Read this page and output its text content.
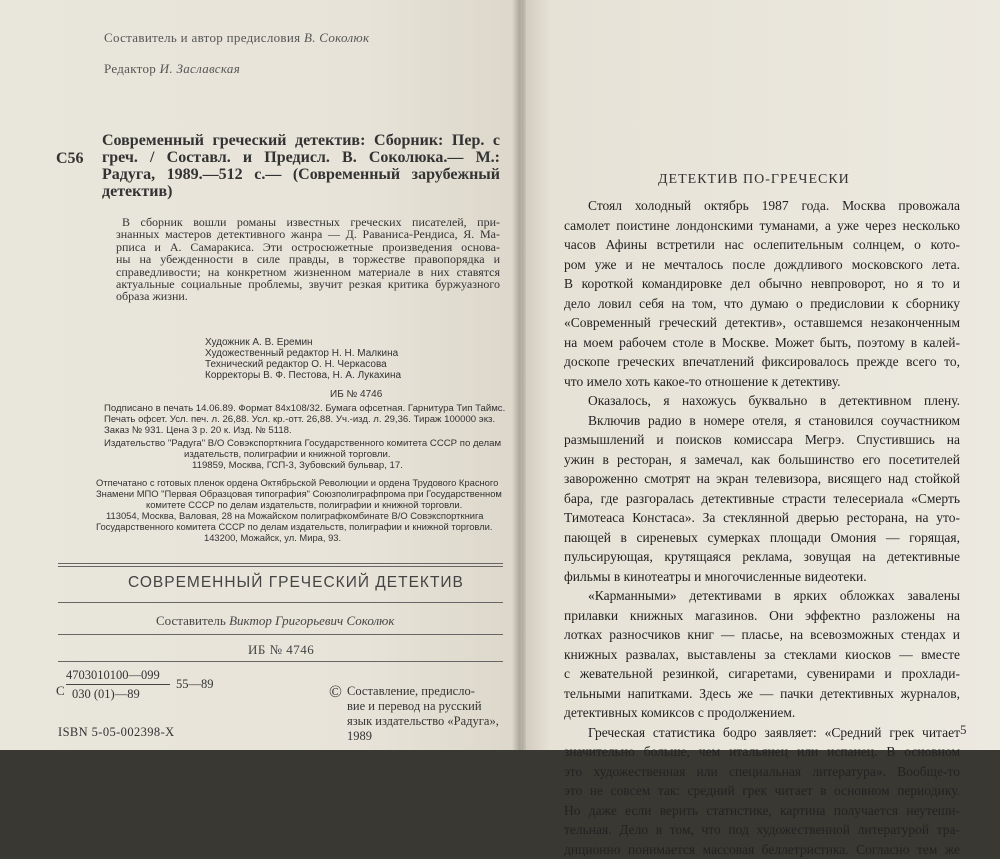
Составитель и автор предисловия В. Соколюк
Редактор И. Заславская
С56
Современный греческий детектив: Сборник: Пер. с
греч. / Составл. и Предисл. В. Соколюка.— М.:
Радуга, 1989.—512 с.— (Современный зарубежный
детектив)
В сборник вошли романы известных греческих писателей, при-
знанных мастеров детективного жанра — Д. Раваниса-Рендиса, Я. Ма-
рписа и А. Самаракиса. Эти остросюжетные произведения основа-
ны на убежденности в силе правды, в торжестве правопорядка и
справедливости; на конкретном жизненном материале в них ставятся
актуальные социальные проблемы, звучит резкая критика буржуазного
образа жизни.
Художник А. В. Еремин
Художественный редактор Н. Н. Малкина
Технический редактор О. Н. Черкасова
Корректоры В. Ф. Пестова, Н. А. Лукахина
ИБ № 4746
Подписано в печать 14.06.89. Формат 84х108/32. Бумага офсетная. Гарнитура Тип Таймс.
Печать офсет. Усл. печ. л. 26,88. Усл. кр.-отт. 26,88. Уч.-изд. л. 29,36. Тираж 100000 экз.
Заказ № 931. Цена 3 р. 20 к. Изд. № 5118.
Издательство "Радуга" В/О Совэкспорткнига Государственного комитета СССР по делам
издательств, полиграфии и книжной торговли.
119859, Москва, ГСП-3, Зубовский бульвар, 17.
Отпечатано с готовых пленок ордена Октябрьской Революции и ордена Трудового Красного
Знамени МПО "Первая Образцовая типография" Союзполиграфпрома при Государственном
комитете СССР по делам издательств, полиграфии и книжной торговли.
113054, Москва, Валовая, 28 на Можайском полиграфкомбинате В/О Совэкспорткнига
Государственного комитета СССР по делам издательств, полиграфии и книжной торговли.
143200, Можайск, ул. Мира, 93.
СОВРЕМЕННЫЙ ГРЕЧЕСКИЙ ДЕТЕКТИВ
Составитель Виктор Григорьевич Соколюк
ИБ № 4746
С
4703010100—099
030 (01)—89
55—89
ISBN 5-05-002398-X
© Составление, предисло-
вие и перевод на русский
язык издательство «Радуга»,
1989
ДЕТЕКТИВ ПО-ГРЕЧЕСКИ
Стоял холодный октябрь 1987 года. Москва провожала
самолет поистине лондонскими туманами, а уже через несколько
часов Афины встретили нас ослепительным солнцем, о кото-
ром уже и не мечталось после дождливого московского лета.
В короткой командировке дел обычно невпроворот, но я то и
дело ловил себя на том, что думаю о предисловии к сборнику
«Современный греческий детектив», оставшемся незаконченным
на моем рабочем столе в Москве. Может быть, поэтому в калей-
доскопе греческих впечатлений фиксировалось прежде всего то,
что имело хоть какое-то отношение к детективу.
Оказалось, я нахожусь буквально в детективном плену.
Включив радио в номере отеля, я становился соучастником
размышлений и поисков комиссара Мегрэ. Спустившись на
ужин в ресторан, я замечал, как большинство его посетителей
завороженно смотрят на экран телевизора, висящего над стойкой
бара, где разгоралась детективные страсти телесериала «Смерть
Тимотеаса Констаса». За стеклянной дверью ресторана, на уто-
пающей в сиреневых сумерках площади Омония — горящая,
пульсирующая, крутящаяся реклама, зовущая на детективные
фильмы в кинотеатры и многочисленные видеотеки.
«Карманными» детективами в ярких обложках завалены
прилавки книжных магазинов. Они эффектно разложены на
лотках разносчиков книг — пласье, на всевозможных стендах и
книжных развалах, выставлены за стеклами киосков — вместе
с жевательной резинкой, сигаретами, сувенирами и прохлади-
тельными напитками. Здесь же — пачки детективных журналов,
детективных комиксов с продолжением.
Греческая статистика бодро заявляет: «Средний грек читает
значительно больше, чем итальянец или испанец. В основном
это художественная или специальная литература». Вообще-то
это не совсем так: средний грек читает в основном периодику.
Но даже если верить статистике, картина получается неутеши-
тельная. Дело в том, что под художественной литературой тра-
диционно понимается массовая беллетристика. Согласно тем же
5
